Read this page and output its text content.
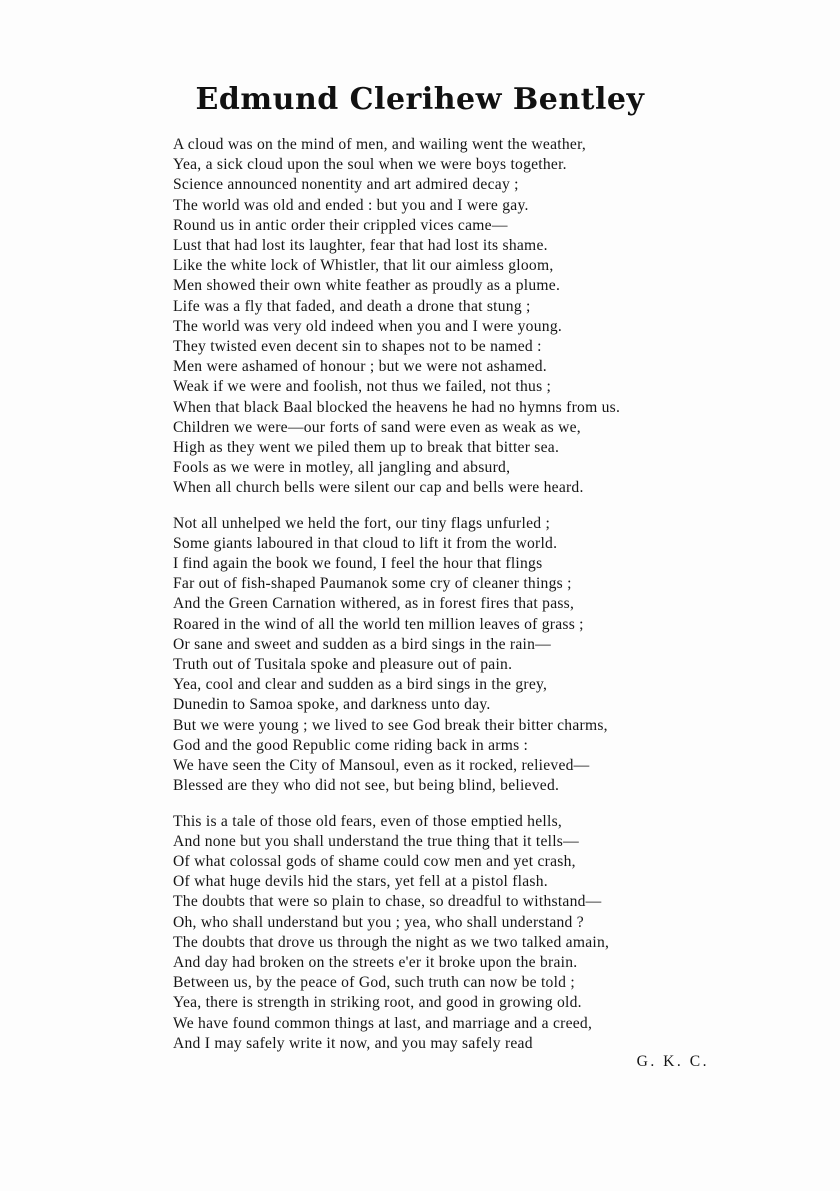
Edmund Clerihew Bentley
A cloud was on the mind of men, and wailing went the weather,
Yea, a sick cloud upon the soul when we were boys together.
Science announced nonentity and art admired decay ;
The world was old and ended : but you and I were gay.
Round us in antic order their crippled vices came—
Lust that had lost its laughter, fear that had lost its shame.
Like the white lock of Whistler, that lit our aimless gloom,
Men showed their own white feather as proudly as a plume.
Life was a fly that faded, and death a drone that stung ;
The world was very old indeed when you and I were young.
They twisted even decent sin to shapes not to be named :
Men were ashamed of honour ; but we were not ashamed.
Weak if we were and foolish, not thus we failed, not thus ;
When that black Baal blocked the heavens he had no hymns from us.
Children we were—our forts of sand were even as weak as we,
High as they went we piled them up to break that bitter sea.
Fools as we were in motley, all jangling and absurd,
When all church bells were silent our cap and bells were heard.
Not all unhelped we held the fort, our tiny flags unfurled ;
Some giants laboured in that cloud to lift it from the world.
I find again the book we found, I feel the hour that flings
Far out of fish-shaped Paumanok some cry of cleaner things ;
And the Green Carnation withered, as in forest fires that pass,
Roared in the wind of all the world ten million leaves of grass ;
Or sane and sweet and sudden as a bird sings in the rain—
Truth out of Tusitala spoke and pleasure out of pain.
Yea, cool and clear and sudden as a bird sings in the grey,
Dunedin to Samoa spoke, and darkness unto day.
But we were young ; we lived to see God break their bitter charms,
God and the good Republic come riding back in arms :
We have seen the City of Mansoul, even as it rocked, relieved—
Blessed are they who did not see, but being blind, believed.
This is a tale of those old fears, even of those emptied hells,
And none but you shall understand the true thing that it tells—
Of what colossal gods of shame could cow men and yet crash,
Of what huge devils hid the stars, yet fell at a pistol flash.
The doubts that were so plain to chase, so dreadful to withstand—
Oh, who shall understand but you ; yea, who shall understand ?
The doubts that drove us through the night as we two talked amain,
And day had broken on the streets e'er it broke upon the brain.
Between us, by the peace of God, such truth can now be told ;
Yea, there is strength in striking root, and good in growing old.
We have found common things at last, and marriage and a creed,
And I may safely write it now, and you may safely read
G. K. C.
